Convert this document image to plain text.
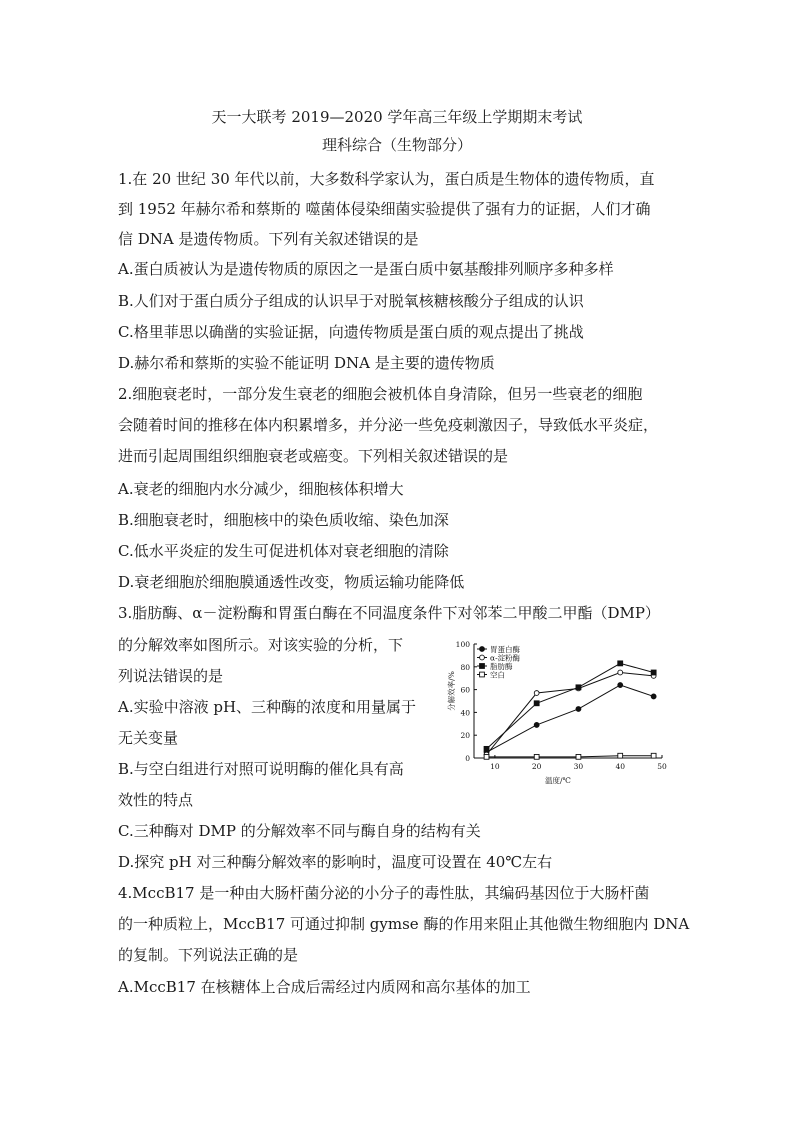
天一大联考 2019—2020 学年高三年级上学期期末考试
理科综合（生物部分）
1.在 20 世纪 30 年代以前，大多数科学家认为，蛋白质是生物体的遗传物质，直
到 1952 年赫尔希和蔡斯的 噬菌体侵染细菌实验提供了强有力的证据，人们才确
信 DNA 是遗传物质。下列有关叙述错误的是
A.蛋白质被认为是遗传物质的原因之一是蛋白质中氨基酸排列顺序多种多样
B.人们对于蛋白质分子组成的认识早于对脱氧核糖核酸分子组成的认识
C.格里菲思以确凿的实验证据，向遗传物质是蛋白质的观点提出了挑战
D.赫尔希和蔡斯的实验不能证明 DNA 是主要的遗传物质
2.细胞衰老时，一部分发生衰老的细胞会被机体自身清除，但另一些衰老的细胞
会随着时间的推移在体内积累增多，并分泌一些免疫刺激因子，导致低水平炎症，
进而引起周围组织细胞衰老或癌变。下列相关叙述错误的是
A.衰老的细胞内水分减少，细胞核体积增大
B.细胞衰老时，细胞核中的染色质收缩、染色加深
C.低水平炎症的发生可促进机体对衰老细胞的清除
D.衰老细胞於细胞膜通透性改变，物质运输功能降低
3.脂肪酶、α－淀粉酶和胃蛋白酶在不同温度条件下对邻苯二甲酸二甲酯（DMP）
的分解效率如图所示。对该实验的分析，下
列说法错误的是
A.实验中溶液 pH、三种酶的浓度和用量属于
无关变量
B.与空白组进行对照可说明酶的催化具有高
效性的特点
C.三种酶对 DMP 的分解效率不同与酶自身的结构有关
D.探究 pH 对三种酶分解效率的影响时，温度可设置在 40℃左右
4.MccB17 是一种由大肠杆菌分泌的小分子的毒性肽，其编码基因位于大肠杆菌
的一种质粒上，MccB17 可通过抑制 gymse 酶的作用来阻止其他微生物细胞内 DNA
的复制。下列说法正确的是
A.MccB17 在核糖体上合成后需经过内质网和高尔基体的加工
0
20
40
60
80
100
10	20	30	40	50
温度/℃
分解效率/%
胃蛋白酶
α-淀粉酶
脂肪酶
空白
